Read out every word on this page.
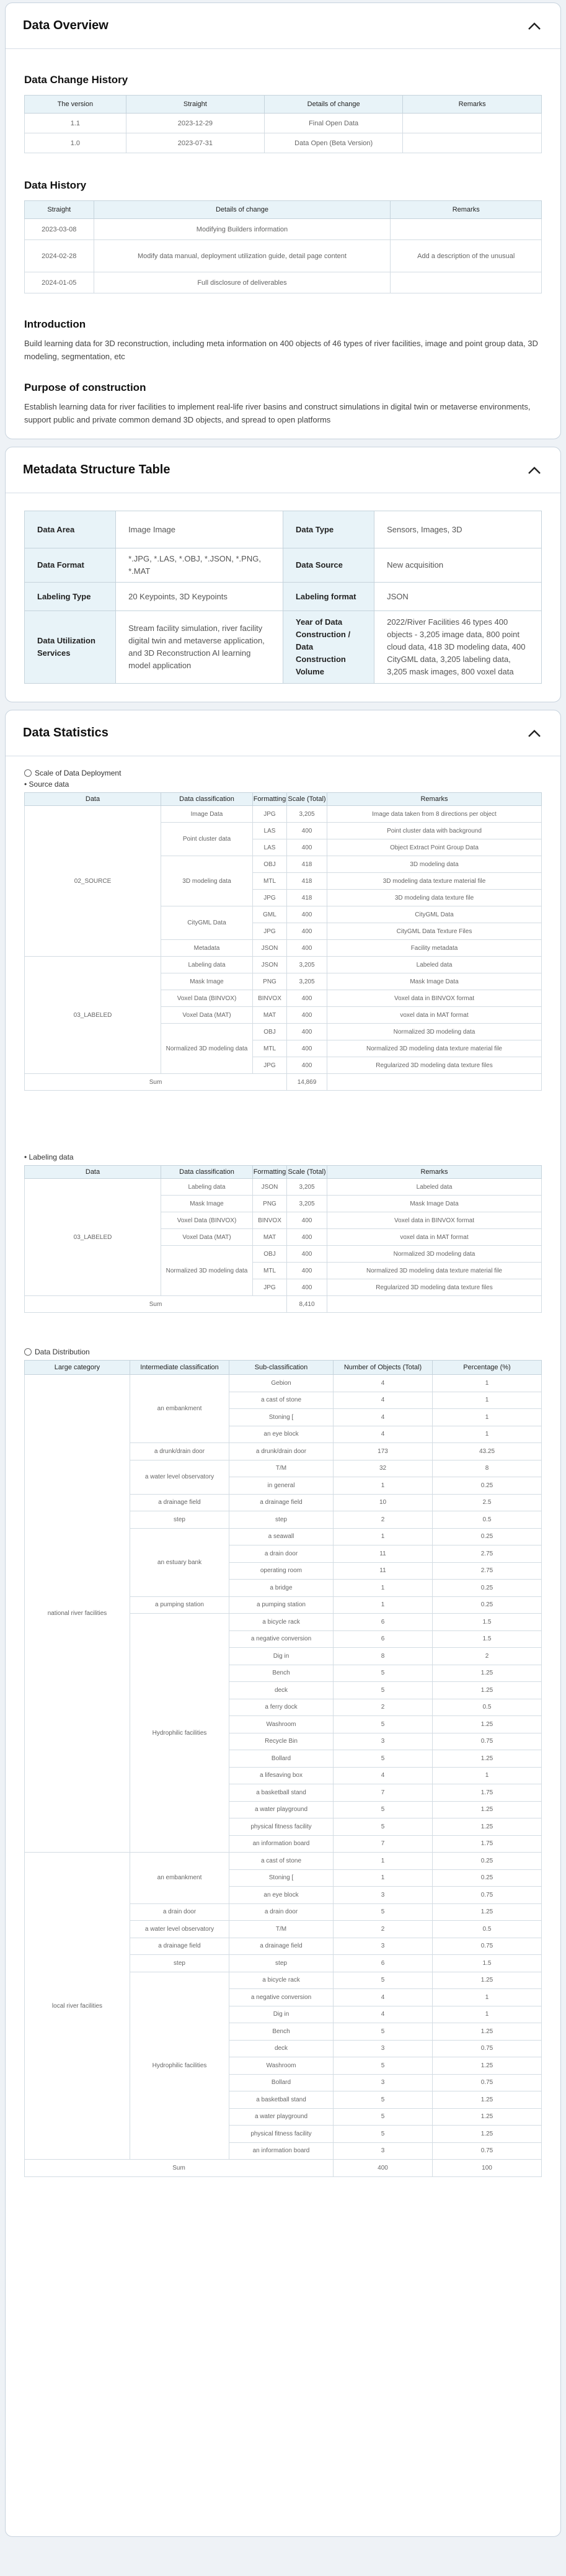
Data Overview
Data Change History
The version	Straight	Details of change	Remarks
1.1	2023-12-29	Final Open Data	
1.0	2023-07-31	Data Open (Beta Version)	
Data History
Straight	Details of change	Remarks
2023-03-08	Modifying Builders information	
2024-02-28	Modify data manual, deployment utilization guide, detail page content	Add a description of the unusual
2024-01-05	Full disclosure of deliverables	
Introduction

Build learning data for 3D reconstruction, including meta information on 400 objects of 46 types of river facilities, image and point group data, 3D modeling, segmentation, etc

Purpose of construction

Establish learning data for river facilities to implement real-life river basins and construct simulations in digital twin or metaverse environments, support public and private common demand 3D objects, and spread to open platforms

Metadata Structure Table
Data Area	Image Image	Data Type	Sensors, Images, 3D
Data Format	*.JPG, *.LAS, *.OBJ, *.JSON, *.PNG, *.MAT	Data Source	New acquisition
Labeling Type	20 Keypoints, 3D Keypoints	Labeling format	JSON
Data Utilization Services	Stream facility simulation, river facility digital twin and metaverse application, and 3D Reconstruction AI learning model application	Year of Data Construction / Data Construction Volume	2022/River Facilities 46 types 400 objects - 3,205 image data, 800 point cloud data, 418 3D modeling data, 400 CityGML data, 3,205 labeling data, 3,205 mask images, 800 voxel data
Data Statistics
Scale of Data Deployment
• Source data
Data	Data classification	Formatting	Scale (Total)	Remarks
02_SOURCE	Image Data	JPG	3,205	Image data taken from 8 directions per object
	Point cluster data	LAS	400	Point cluster data with background
		LAS	400	Object Extract Point Group Data
	3D modeling data	OBJ	418	3D modeling data
		MTL	418	3D modeling data texture material file
		JPG	418	3D modeling data texture file
	CityGML Data	GML	400	CityGML Data
		JPG	400	CityGML Data Texture Files
	Metadata	JSON	400	Facility metadata
03_LABELED	Labeling data	JSON	3,205	Labeled data
	Mask Image	PNG	3,205	Mask Image Data
	Voxel Data (BINVOX)	BINVOX	400	Voxel data in BINVOX format
	Voxel Data (MAT)	MAT	400	voxel data in MAT format
	Normalized 3D modeling data	OBJ	400	Normalized 3D modeling data
		MTL	400	Normalized 3D modeling data texture material file
		JPG	400	Regularized 3D modeling data texture files
Sum			14,869	
• Labeling data
Data	Data classification	Formatting	Scale (Total)	Remarks
03_LABELED	Labeling data	JSON	3,205	Labeled data
	Mask Image	PNG	3,205	Mask Image Data
	Voxel Data (BINVOX)	BINVOX	400	Voxel data in BINVOX format
	Voxel Data (MAT)	MAT	400	voxel data in MAT format
	Normalized 3D modeling data	OBJ	400	Normalized 3D modeling data
		MTL	400	Normalized 3D modeling data texture material file
		JPG	400	Regularized 3D modeling data texture files
Sum			8,410	
Data Distribution
Large category	Intermediate classification	Sub-classification	Number of Objects (Total)	Percentage (%)
national river facilities	an embankment	Gebion	4	1
		a cast of stone	4	1
		Stoning [	4	1
		an eye block	4	1
	a drunk/drain door	a drunk/drain door	173	43.25
	a water level observatory	T/M	32	8
		in general	1	0.25
	a drainage field	a drainage field	10	2.5
	step	step	2	0.5
	an estuary bank	a seawall	1	0.25
		a drain door	11	2.75
		operating room	11	2.75
		a bridge	1	0.25
	a pumping station	a pumping station	1	0.25
	Hydrophilic facilities	a bicycle rack	6	1.5
		a negative conversion	6	1.5
		Dig in	8	2
		Bench	5	1.25
		deck	5	1.25
		a ferry dock	2	0.5
		Washroom	5	1.25
		Recycle Bin	3	0.75
		Bollard	5	1.25
		a lifesaving box	4	1
		a basketball stand	7	1.75
		a water playground	5	1.25
		physical fitness facility	5	1.25
		an information board	7	1.75
local river facilities	an embankment	a cast of stone	1	0.25
		Stoning [	1	0.25
		an eye block	3	0.75
	a drain door	a drain door	5	1.25
	a water level observatory	T/M	2	0.5
	a drainage field	a drainage field	3	0.75
	step	step	6	1.5
	Hydrophilic facilities	a bicycle rack	5	1.25
		a negative conversion	4	1
		Dig in	4	1
		Bench	5	1.25
		deck	3	0.75
		Washroom	5	1.25
		Bollard	3	0.75
		a basketball stand	5	1.25
		a water playground	5	1.25
		physical fitness facility	5	1.25
		an information board	3	0.75
Sum			400	100
